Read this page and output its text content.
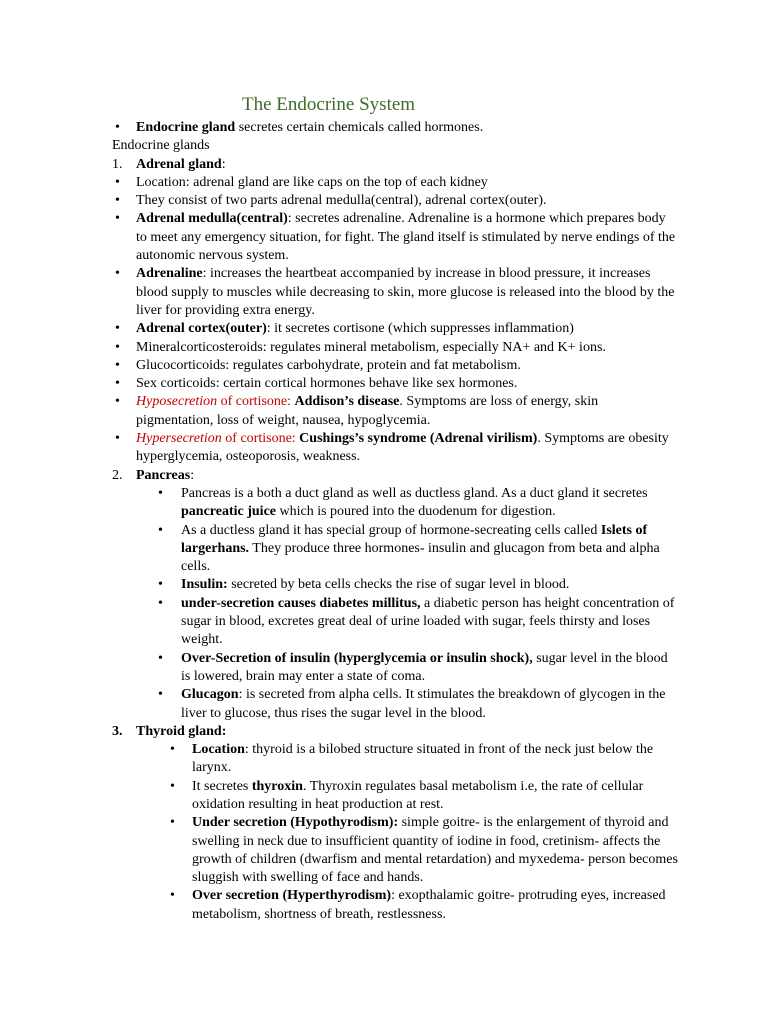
The Endocrine System
• Endocrine gland secretes certain chemicals called hormones.
Endocrine glands
1. Adrenal gland:
• Location: adrenal gland are like caps on the top of each kidney
• They consist of two parts adrenal medulla(central), adrenal cortex(outer).
• Adrenal medulla(central): secretes adrenaline. Adrenaline is a hormone which prepares body to meet any emergency situation, for fight. The gland itself is stimulated by nerve endings of the autonomic nervous system.
• Adrenaline: increases the heartbeat accompanied by increase in blood pressure, it increases blood supply to muscles while decreasing to skin, more glucose is released into the blood by the liver for providing extra energy.
• Adrenal cortex(outer): it secretes cortisone (which suppresses inflammation)
• Mineralcorticosteroids: regulates mineral metabolism, especially NA+ and K+ ions.
• Glucocorticoids: regulates carbohydrate, protein and fat metabolism.
• Sex corticoids: certain cortical hormones behave like sex hormones.
• Hyposecretion of cortisone: Addison’s disease. Symptoms are loss of energy, skin pigmentation, loss of weight, nausea, hypoglycemia.
• Hypersecretion of cortisone: Cushings’s syndrome (Adrenal virilism). Symptoms are obesity hyperglycemia, osteoporosis, weakness.
2. Pancreas:
• Pancreas is a both a duct gland as well as ductless gland. As a duct gland it secretes pancreatic juice which is poured into the duodenum for digestion.
• As a ductless gland it has special group of hormone-secreating cells called Islets of largerhans. They produce three hormones- insulin and glucagon from beta and alpha cells.
• Insulin: secreted by beta cells checks the rise of sugar level in blood.
• under-secretion causes diabetes millitus, a diabetic person has height concentration of sugar in blood, excretes great deal of urine loaded with sugar, feels thirsty and loses weight.
• Over-Secretion of insulin (hyperglycemia or insulin shock), sugar level in the blood is lowered, brain may enter a state of coma.
• Glucagon: is secreted from alpha cells. It stimulates the breakdown of glycogen in the liver to glucose, thus rises the sugar level in the blood.
3. Thyroid gland:
• Location: thyroid is a bilobed structure situated in front of the neck just below the larynx.
• It secretes thyroxin. Thyroxin regulates basal metabolism i.e, the rate of cellular oxidation resulting in heat production at rest.
• Under secretion (Hypothyrodism): simple goitre- is the enlargement of thyroid and swelling in neck due to insufficient quantity of iodine in food, cretinism- affects the growth of children (dwarfism and mental retardation) and myxedema- person becomes sluggish with swelling of face and hands.
• Over secretion (Hyperthyrodism): exopthalamic goitre- protruding eyes, increased metabolism, shortness of breath, restlessness.
